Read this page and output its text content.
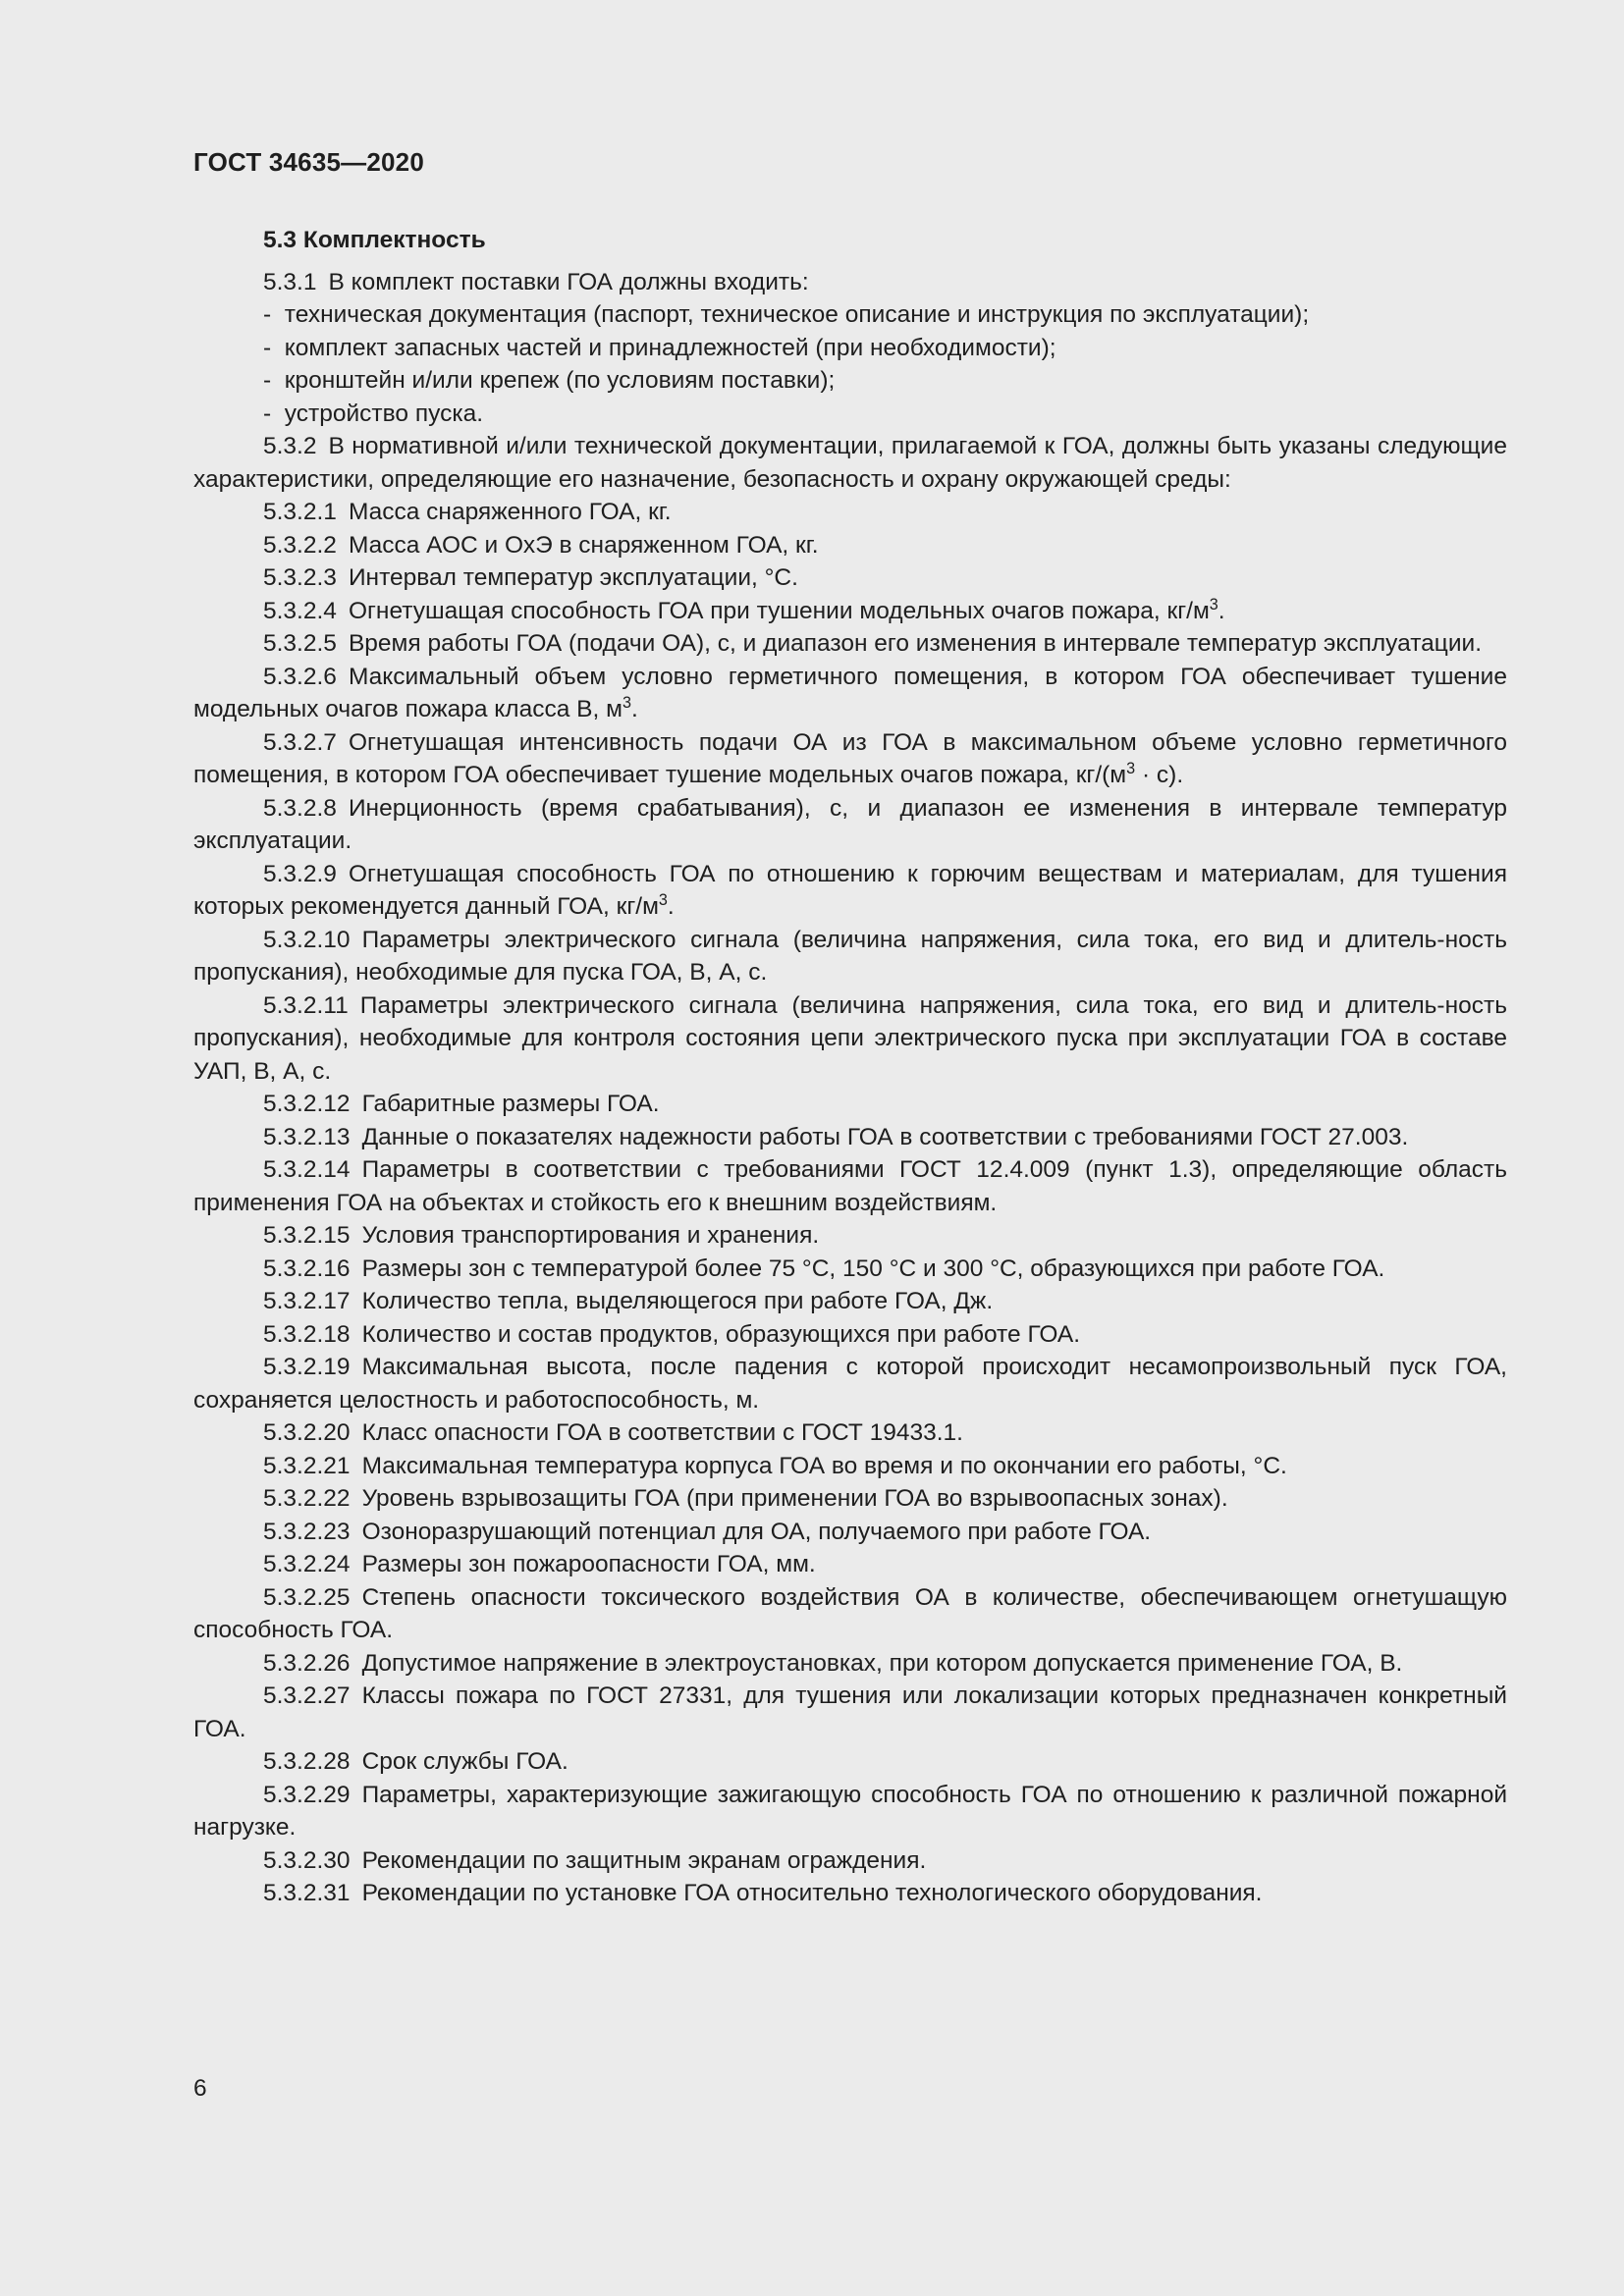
ГОСТ 34635—2020

5.3 Комплектность

5.3.1 В комплект поставки ГОА должны входить:

- техническая документация (паспорт, техническое описание и инструкция по эксплуатации);

- комплект запасных частей и принадлежностей (при необходимости);

- кронштейн и/или крепеж (по условиям поставки);

- устройство пуска.

5.3.2 В нормативной и/или технической документации, прилагаемой к ГОА, должны быть указаны следующие характеристики, определяющие его назначение, безопасность и охрану окружающей среды:

5.3.2.1 Масса снаряженного ГОА, кг.

5.3.2.2 Масса АОС и ОхЭ в снаряженном ГОА, кг.

5.3.2.3 Интервал температур эксплуатации, °С.

5.3.2.4 Огнетушащая способность ГОА при тушении модельных очагов пожара, $кг/м^3$.

5.3.2.5 Время работы ГОА (подачи ОА), с, и диапазон его изменения в интервале температур эксплуатации.

5.3.2.6 Максимальный объем условно герметичного помещения, в котором ГОА обеспечивает тушение модельных очагов пожара класса В, $м^3$.

5.3.2.7 Огнетушащая интенсивность подачи ОА из ГОА в максимальном объеме условно герметичного помещения, в котором ГОА обеспечивает тушение модельных очагов пожара, $кг/(м^3 \cdot с)$.

5.3.2.8 Инерционность (время срабатывания), с, и диапазон ее изменения в интервале температур эксплуатации.

5.3.2.9 Огнетушащая способность ГОА по отношению к горючим веществам и материалам, для тушения которых рекомендуется данный ГОА, $кг/м^3$.

5.3.2.10 Параметры электрического сигнала (величина напряжения, сила тока, его вид и длитель-ность пропускания), необходимые для пуска ГОА, В, А, с.

5.3.2.11 Параметры электрического сигнала (величина напряжения, сила тока, его вид и длитель-ность пропускания), необходимые для контроля состояния цепи электрического пуска при эксплуатации ГОА в составе УАП, В, А, с.

5.3.2.12 Габаритные размеры ГОА.

5.3.2.13 Данные о показателях надежности работы ГОА в соответствии с требованиями ГОСТ 27.003.

5.3.2.14 Параметры в соответствии с требованиями ГОСТ 12.4.009 (пункт 1.3), определяющие область применения ГОА на объектах и стойкость его к внешним воздействиям.

5.3.2.15 Условия транспортирования и хранения.

5.3.2.16 Размеры зон с температурой более 75 °С, 150 °С и 300 °С, образующихся при работе ГОА.

5.3.2.17 Количество тепла, выделяющегося при работе ГОА, Дж.

5.3.2.18 Количество и состав продуктов, образующихся при работе ГОА.

5.3.2.19 Максимальная высота, после падения с которой происходит несамопроизвольный пуск ГОА, сохраняется целостность и работоспособность, м.

5.3.2.20 Класс опасности ГОА в соответствии с ГОСТ 19433.1.

5.3.2.21 Максимальная температура корпуса ГОА во время и по окончании его работы, °С.

5.3.2.22 Уровень взрывозащиты ГОА (при применении ГОА во взрывоопасных зонах).

5.3.2.23 Озоноразрушающий потенциал для ОА, получаемого при работе ГОА.

5.3.2.24 Размеры зон пожароопасности ГОА, мм.

5.3.2.25 Степень опасности токсического воздействия ОА в количестве, обеспечивающем огнетушащую способность ГОА.

5.3.2.26 Допустимое напряжение в электроустановках, при котором допускается применение ГОА, В.

5.3.2.27 Классы пожара по ГОСТ 27331, для тушения или локализации которых предназначен конкретный ГОА.

5.3.2.28 Срок службы ГОА.

5.3.2.29 Параметры, характеризующие зажигающую способность ГОА по отношению к различной пожарной нагрузке.

5.3.2.30 Рекомендации по защитным экранам ограждения.

5.3.2.31 Рекомендации по установке ГОА относительно технологического оборудования.

6
